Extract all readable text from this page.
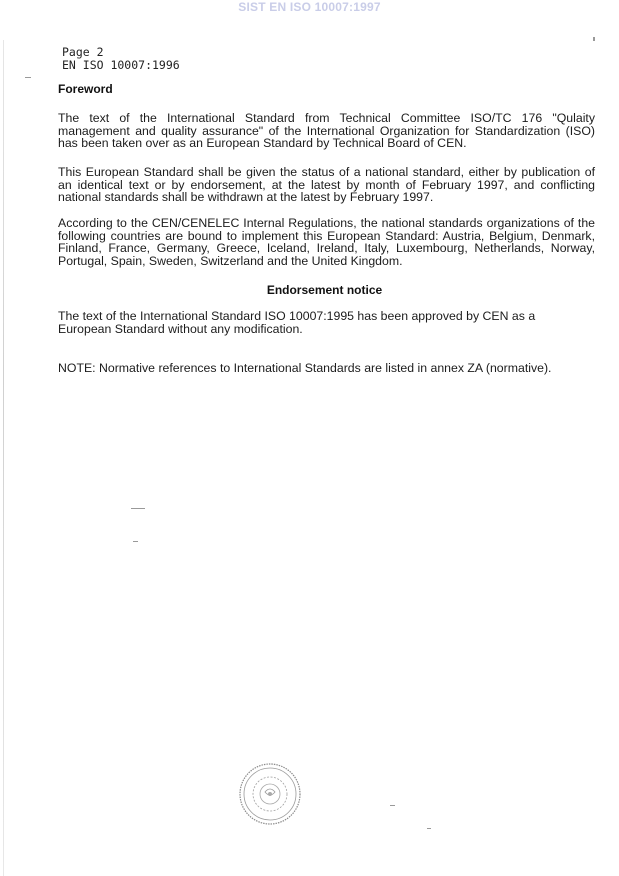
SIST EN ISO 10007:1997
Page 2
EN ISO 10007:1996
Foreword
The text of the International Standard from Technical Committee ISO/TC 176 "Qulaity management and quality assurance" of the International Organization for Standardization (ISO) has been taken over as an European Standard by Technical Board of CEN.
This European Standard shall be given the status of a national standard, either by publication of an identical text or by endorsement, at the latest by month of February 1997, and conflicting national standards shall be withdrawn at the latest by February 1997.
According to the CEN/CENELEC Internal Regulations, the national standards organizations of the following countries are bound to implement this European Standard: Austria, Belgium, Denmark, Finland, France, Germany, Greece, Iceland, Ireland, Italy, Luxembourg, Netherlands, Norway, Portugal, Spain, Sweden, Switzerland and the United Kingdom.
Endorsement notice
The text of the International Standard ISO 10007:1995 has been approved by CEN as a European Standard without any modification.
NOTE: Normative references to International Standards are listed in annex ZA (normative).
